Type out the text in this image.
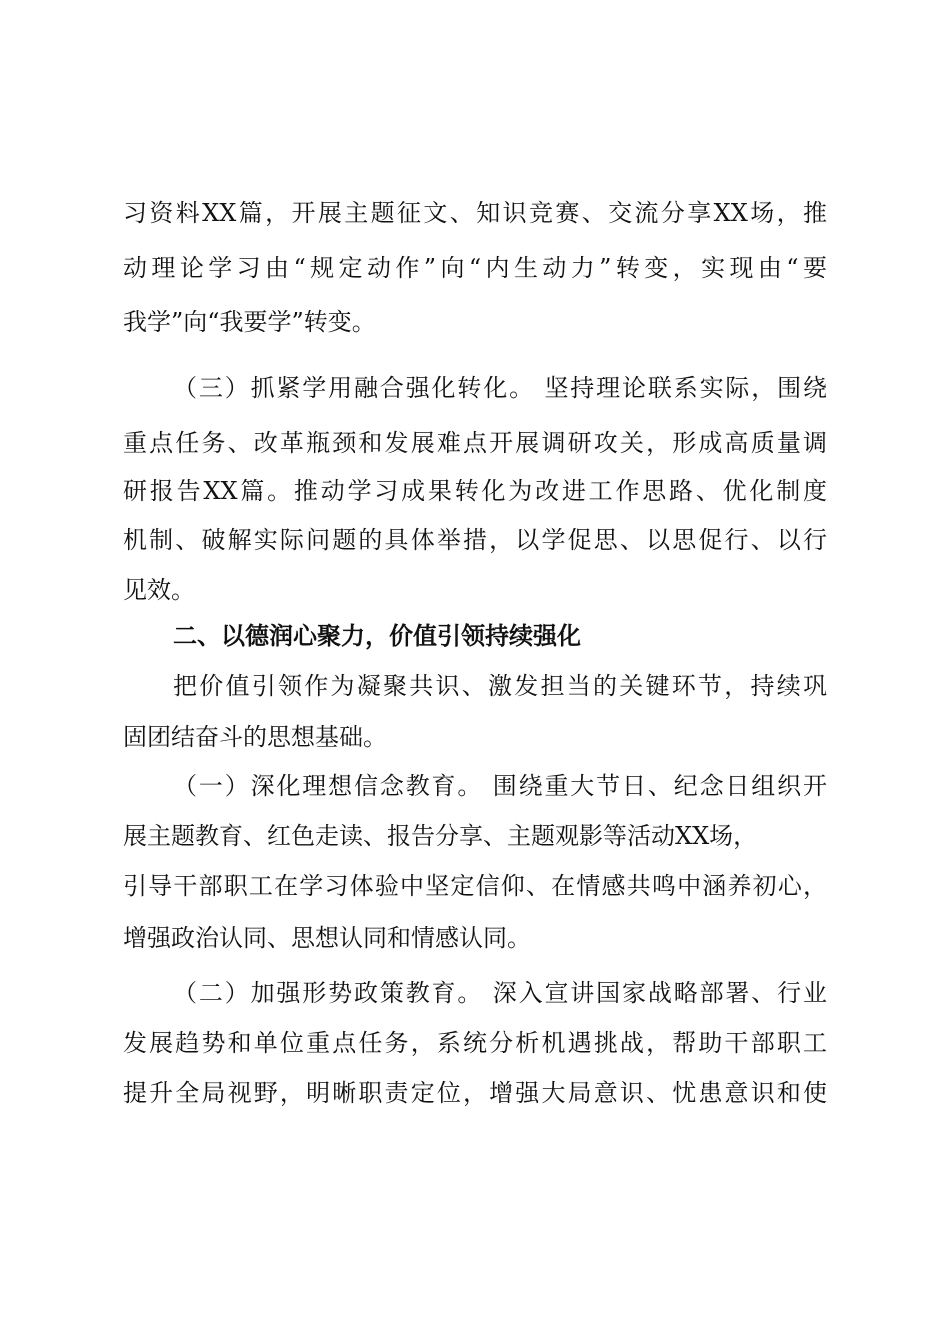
习资料XX篇，开展主题征文、知识竞赛、交流分享XX场，推
动理论学习由“规定动作”向“内生动力”转变，实现由“要
我学”向“我要学”转变。
（三）抓紧学用融合强化转化。 坚持理论联系实际，围绕
重点任务、改革瓶颈和发展难点开展调研攻关，形成高质量调
研报告XX篇。推动学习成果转化为改进工作思路、优化制度
机制、破解实际问题的具体举措，以学促思、以思促行、以行
见效。
二、以德润心聚力，价值引领持续强化
把价值引领作为凝聚共识、激发担当的关键环节，持续巩
固团结奋斗的思想基础。
（一）深化理想信念教育。 围绕重大节日、纪念日组织开
展主题教育、红色走读、报告分享、主题观影等活动XX场，
引导干部职工在学习体验中坚定信仰、在情感共鸣中涵养初心，
增强政治认同、思想认同和情感认同。
（二）加强形势政策教育。 深入宣讲国家战略部署、行业
发展趋势和单位重点任务，系统分析机遇挑战，帮助干部职工
提升全局视野，明晰职责定位，增强大局意识、忧患意识和使
